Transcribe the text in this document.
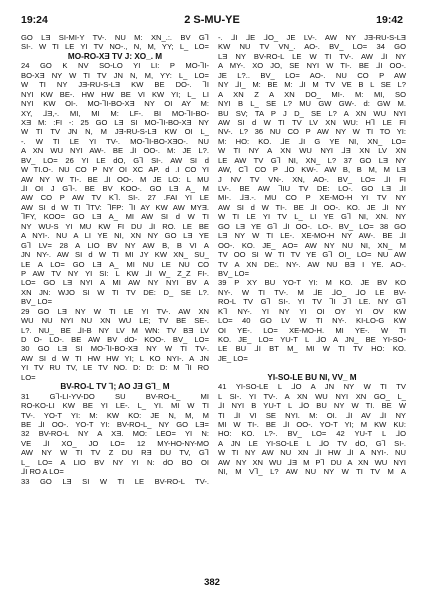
19:24	2 S-MU-YE	19:42
GO LƎ SI-MI-Y TV-. NU M: XN_.:. BV G⅂
SI-. W TI LE YI TV NO-., N, M, YY; L_ LO=
MO-RO-XƎ TV J: XO_. M
24 GO K NV SO-LO YI LI: P MO-⅂I-
BO-XƎ NY W TI TV JN N, M, YY: L_ LO=
W TI NY JƎ-RU-S-LƎ KW BE DO-. ⅂I
NYI KW BE-. HW HW BE VI KW YI; L_ LI
NYI KW OI-. MO-⅂I-BO-XƎ NY OI AY M:
XY, ⅃Ǝ,-. MI, MI M: LF-. BI MO-⅂I-BO-
XƎ M: :FI -: 25 GO LƎ SI MO-⅂I-BO-XƎ NY
W TI TV JN N, M JƎ-RU-S-LƎ KW OI L_
-. W TI LE YI TV-. MO-⅂I-BO-XƎO-. NU
A XN WU NYI AW-. BE ⅃I OO-. M: JE L?.
BV_ LO= 26 YI LE dO, G⅂ SI-. AW SI d
W TI.O-. NU CO P NY OI XC AP. d .I CO YI
AW NY W TI-. BE ⅃I OO-. M JE LO: L MU
⅃I OI J G⅂-. BE BV KOO-. GO LƎ A_ M
AW CO P AW TV K⅂. SI-. 27 .FAI YI LE
AW SI d W TI ⅂TV: ⅂FP: ⅂I AY KW AW MYƎ.
⅂FY, KOO= GO LƎ A_ MI AW SI d W TI
NY WU-S YI MU KW FI DU ⅃I RO. LE BE
A NYI-. NU A LI YE NI, XN NY GO LƎ YE
G⅂ LV= 28 A LIO BV NY AW B, B VI A
JN NY-. AW SI d W TI MI JY KW XN_ SU_
LE A LO= GO LƎ A_ MI NU LE NU CO
P AW TV NY YI SI: L KW ⅃I W_ Z_Z FI-.
LO= GO LƎ NYI A MI AW NY NYI BV A
XN JN: WJO SI W TI TV DE: D_ SE L?.
BV_ LO=
29 GO LƎ NY W TI LE YI TV-. AW XN
WU NU NYI NU XN WU LE; TV BE SE-.
L?. NU_ BE ⅃I-B NY LV M WN: TV BƎ LV
D O- LO-. BE AW BV dO- KOO-. BV_ LO=
30 GO LƎ SI MO-⅂I-BO-XƎ NY W TI TV-.
AW SI d W TI HW HW YI; L KO NYI-. A JN
YI TV RU TV, LE TV NO. D: D: D: M ⅂I RO
LO=
BV-RO-L TV ⅂; AO JƎ G⅂_ M
31 G⅂-LI-YV-DO SU BV-RO-L_ MI
RO-KO-LI KW BE YI LE-. L_ YI. MI W TI
TV-. YO-T YI: M: KW KO: JE N, M, M
BE ⅃I OO-. YO-T YI: BV-RO-L_ NY GO LƎ=
32 BV-RO-L NY A XƎ. MO: LEO= YI N:
VE ⅃I XO_ JO LO= 12 MY-HO-NY-MO
AW NY W TI TV Z DU RƎ DU TV, G⅂
L_ LO= A LIO BV NY YI N: dO BO OI
⅃I RO A LO=
33 GO LƎ SI W TI LE BV-RO-L TV-.
-. ⅃I ⅃E ⅃O_ JE LV-. AW NY JƎ-RU-S-LƎ
KW NU TV VN_. AO-. BV_ LO= 34 GO
LƎ NY BV-RO-L LE W TI TV-. AW ⅃I NY
A MY-. XO JO, SE NYI W TI-. BE ⅃I OO-.
JE L?.. BV_ LO= AO-. NU CO P AW
NY ⅃I_ M: BE M: ⅃I M TV VE B L SE L?
A XN Z A XN DO_ MI-. M: MI, SO
NYI B L_ SE L? MU GW GW-. d: GW M.
BU SV; TA P J D_ SE L? A XN WU NYI
AW SI d W TI TV LV XN WU: H⅂ LE FI
NV-. L? 36 NU CO P AW NY W TI TO YI:
M: HO: KO. ⅃E ⅃I G YE NI, XN_ LO=
W TI NY A XN WU NYI ⅃Ǝ XN LV XN
LE AW TV G⅂ NI, XN_ L? 37 GO LƎ NY
AW, C⅂ CO P ⅃O KW-. AW B, B M, M LƎ
J NV TV VN-. XN, AO-. BV_ LO= ⅃I FI
LV-. BE AW ⅂IU TV DE: LO-. GO LƎ ⅃I
MI-. ⅃Ǝ.-. MU CO P XE-MO-H YI TV NY
AW SI d W TI-. BE ⅃I OO-. KO. JE ⅃I NY
W TI LE YI TV L_ LI YE G⅂ NI, XN. NY
GO LƎ YE G⅂ ⅃I OO-. LO-. BV_ LO= 38 GO
LƎ NY W TI LE-. XE-MO-H NY AW-. BE ⅃I
OO-. KO. JE_ AO= AW NY NU NI, XN_ M
TV OO SI W TI TV YE G⅂ OI_ LO= NU AW
TV A XN DE:. NY-. AW NU BƎ I YE. AO-.
BV_ LO=
39 P XY BU YO-T YI: M KO. JE BV KO
NY-. W TI TV-. M ⅃E ⅃O_ ⅃O LE BV-
RO-L TV G⅂ SI-. YI TV ⅂I J⅂ LE. NY G⅂
K⅂ NY-. YI NY YI OI OY YI OV KW
LO= 40 GO LV W TI NY-. KI-LO-G KW
OI YE-. LO= XE-MO-H. MI YE-. W TI
KO. JE_ LO= YU-T L ⅃O A JN_ BE YI-SO-
LE BU ⅃I BT M_ MI W TI TV HO: KO.
JE_ LO=
YI-SO-LE BU NI, VV_ M
41 YI-SO-LE L ⅃O A JN NY W TI TV
L SI-. YI TV-. A XN WU NYI XN GO_ L_
⅃I NYI B YU-T L ⅃O BU NY W TI. BE W
TI ⅃I VI SE NYI. M: OI. ⅃I AV ⅃I NY
MI W TI-. BE ⅃I OO-. YO-T YI; M KW KU:
HO: KO. L?-. BV_ LO= 42 YU-T L ⅃O
A JN LE YI-SO-LE L ⅃O TV dO, G⅂ SI-.
W TI NY AW NU XN ⅃I HW ⅃I A NYI-. NU
AW NY XN WU ⅃Ǝ M P⅂ DU A XN WU NYI
NI, M V⅂_ L? AW NU NY W TI TV M A
382
